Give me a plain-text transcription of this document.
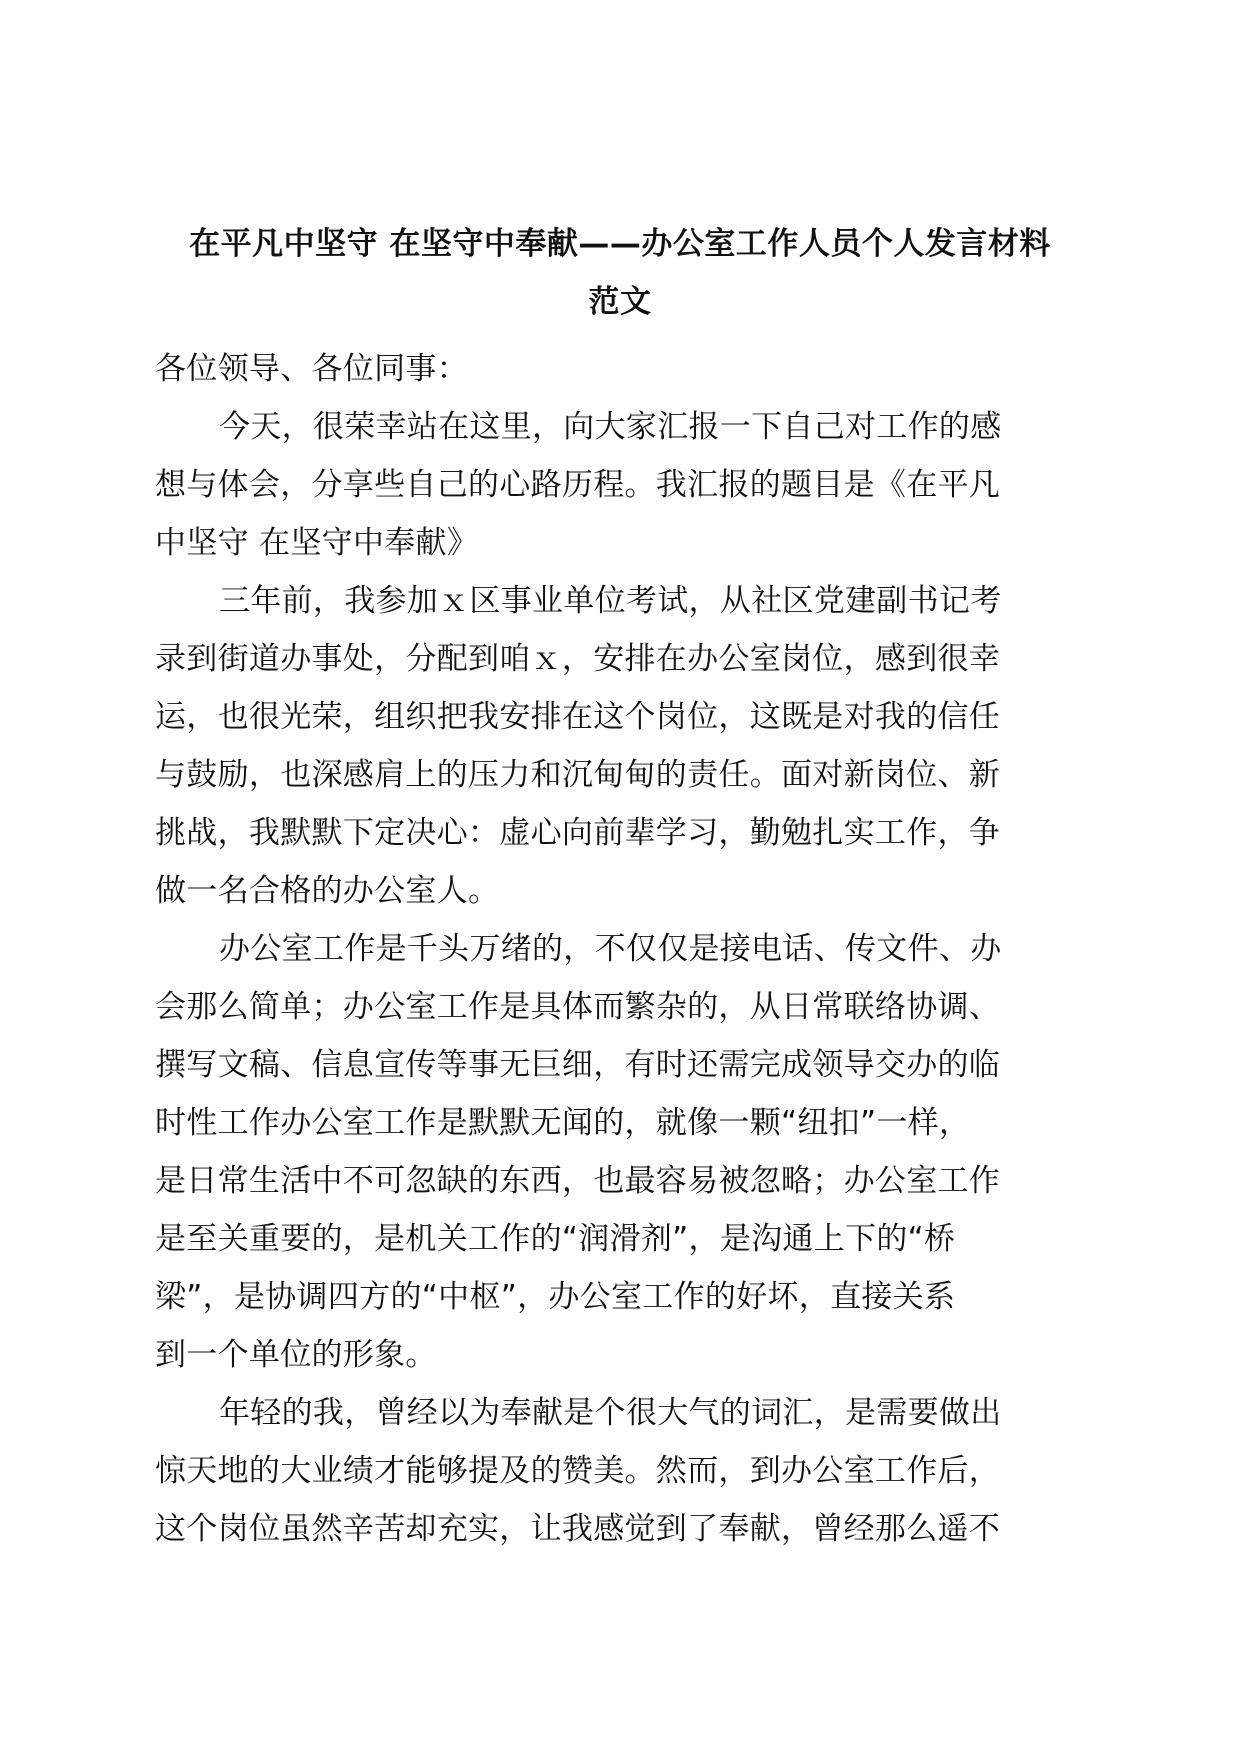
在平凡中坚守 在坚守中奉献——办公室工作人员个人发言材料
范文
各位领导、各位同事：
今天，很荣幸站在这里，向大家汇报一下自己对工作的感
想与体会，分享些自己的心路历程。我汇报的题目是《在平凡
中坚守 在坚守中奉献》
三年前，我参加ｘ区事业单位考试，从社区党建副书记考
录到街道办事处，分配到咱ｘ，安排在办公室岗位，感到很幸
运，也很光荣，组织把我安排在这个岗位，这既是对我的信任
与鼓励，也深感肩上的压力和沉甸甸的责任。面对新岗位、新
挑战，我默默下定决心：虚心向前辈学习，勤勉扎实工作，争
做一名合格的办公室人。
办公室工作是千头万绪的，不仅仅是接电话、传文件、办
会那么简单；办公室工作是具体而繁杂的，从日常联络协调、
撰写文稿、信息宣传等事无巨细，有时还需完成领导交办的临
时性工作办公室工作是默默无闻的，就像一颗“纽扣”一样，
是日常生活中不可忽缺的东西，也最容易被忽略；办公室工作
是至关重要的，是机关工作的“润滑剂”，是沟通上下的“桥
梁”，是协调四方的“中枢”，办公室工作的好坏，直接关系
到一个单位的形象。
年轻的我，曾经以为奉献是个很大气的词汇，是需要做出
惊天地的大业绩才能够提及的赞美。然而，到办公室工作后，
这个岗位虽然辛苦却充实，让我感觉到了奉献，曾经那么遥不
